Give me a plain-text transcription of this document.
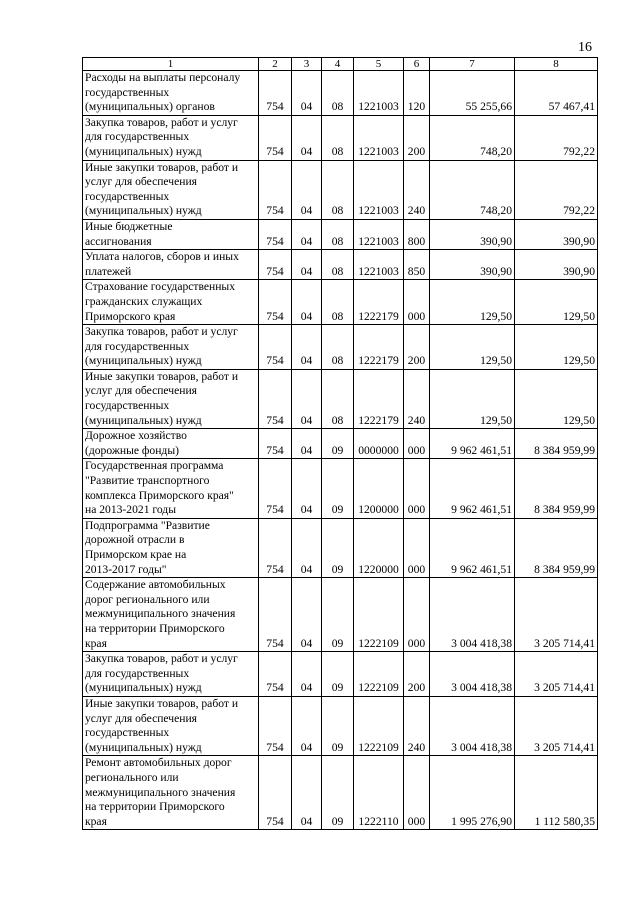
16
1	2	3	4	5	6	7	8

Расходы на выплаты персоналу
государственных
(муниципальных) органов	754	04	08	1221003	120	55 255,66	57 467,41

Закупка товаров, работ и услуг
для государственных
(муниципальных) нужд	754	04	08	1221003	200	748,20	792,22

Иные закупки товаров, работ и
услуг для обеспечения
государственных
(муниципальных) нужд	754	04	08	1221003	240	748,20	792,22

Иные бюджетные
ассигнования	754	04	08	1221003	800	390,90	390,90

Уплата налогов, сборов и иных
платежей	754	04	08	1221003	850	390,90	390,90

Страхование государственных
гражданских служащих
Приморского края	754	04	08	1222179	000	129,50	129,50

Закупка товаров, работ и услуг
для государственных
(муниципальных) нужд	754	04	08	1222179	200	129,50	129,50

Иные закупки товаров, работ и
услуг для обеспечения
государственных
(муниципальных) нужд	754	04	08	1222179	240	129,50	129,50

Дорожное хозяйство
(дорожные фонды)	754	04	09	0000000	000	9 962 461,51	8 384 959,99

Государственная программа
"Развитие транспортного
комплекса Приморского края"
на 2013-2021 годы	754	04	09	1200000	000	9 962 461,51	8 384 959,99

Подпрограмма "Развитие
дорожной отрасли в
Приморском крае на
2013-2017 годы"	754	04	09	1220000	000	9 962 461,51	8 384 959,99

Содержание автомобильных
дорог регионального или
межмуниципального значения
на территории Приморского
края	754	04	09	1222109	000	3 004 418,38	3 205 714,41

Закупка товаров, работ и услуг
для государственных
(муниципальных) нужд	754	04	09	1222109	200	3 004 418,38	3 205 714,41

Иные закупки товаров, работ и
услуг для обеспечения
государственных
(муниципальных) нужд	754	04	09	1222109	240	3 004 418,38	3 205 714,41

Ремонт автомобильных дорог
регионального или
межмуниципального значения
на территории Приморского
края	754	04	09	1222110	000	1 995 276,90	1 112 580,35
